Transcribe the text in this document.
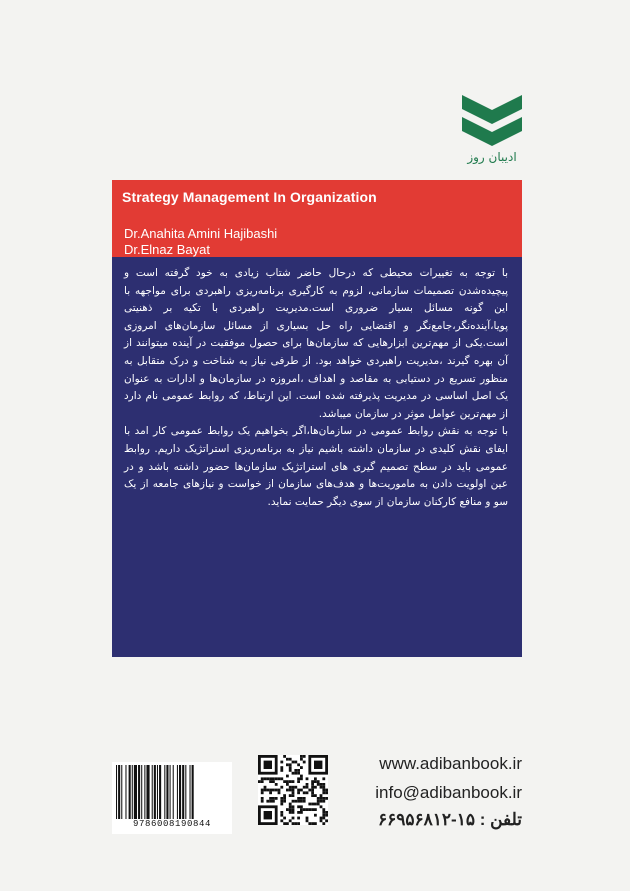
ادیبان روز
Strategy Management In Organization
Dr.Anahita Amini Hajibashi
Dr.Elnaz Bayat

با توجه به تغییرات محیطی که درحال حاضر شتاب زیادی به خود گرفته است و پیچیده‌شدن تصمیمات سازمانی، لزوم به کارگیری برنامه‌ریزی راهبردی برای مواجهه با این گونه مسائل بسیار ضروری است.مدیریت راهبردی با تکیه بر ذهنیتی پویا،آینده‌نگر،جامع‌نگر و اقتضایی راه حل بسیاری از مسائل سازمان‌های امروزی است.یکی از مهم‌ترین ابزارهایی که سازمان‌ها برای حصول موفقیت در آینده میتوانند از آن بهره گیرند ،مدیریت راهبردی خواهد بود. از طرفی نیاز به شناخت و درک متقابل به منظور تسریع در دستیابی به مقاصد و اهداف ،امروزه در سازمان‌ها و ادارات به عنوان یک اصل اساسی در مدیریت پذیرفته شده است. این ارتباط، که روابط عمومی نام دارد از مهم‌ترین عوامل موثر در سازمان میباشد.

با توجه به نقش روابط عمومی در سازمان‌ها،اگر بخواهیم یک روابط عمومی کار امد با ایفای نقش کلیدی در سازمان داشته باشیم نیاز به برنامه‌ریزی استراتژیک داریم. روابط عمومی باید در سطح تصمیم گیری های استراتژیک سازمان‌ها حضور داشته باشد و در عین اولویت دادن به ماموریت‌ها و هدف‌های سازمان از خواست و نیازهای جامعه از یک سو و منافع کارکنان سازمان از سوی دیگر حمایت نماید.

9786008190844
www.adibanbook.ir
info@adibanbook.ir
تلفن : ۱۵-۶۶۹۵۶۸۱۲
